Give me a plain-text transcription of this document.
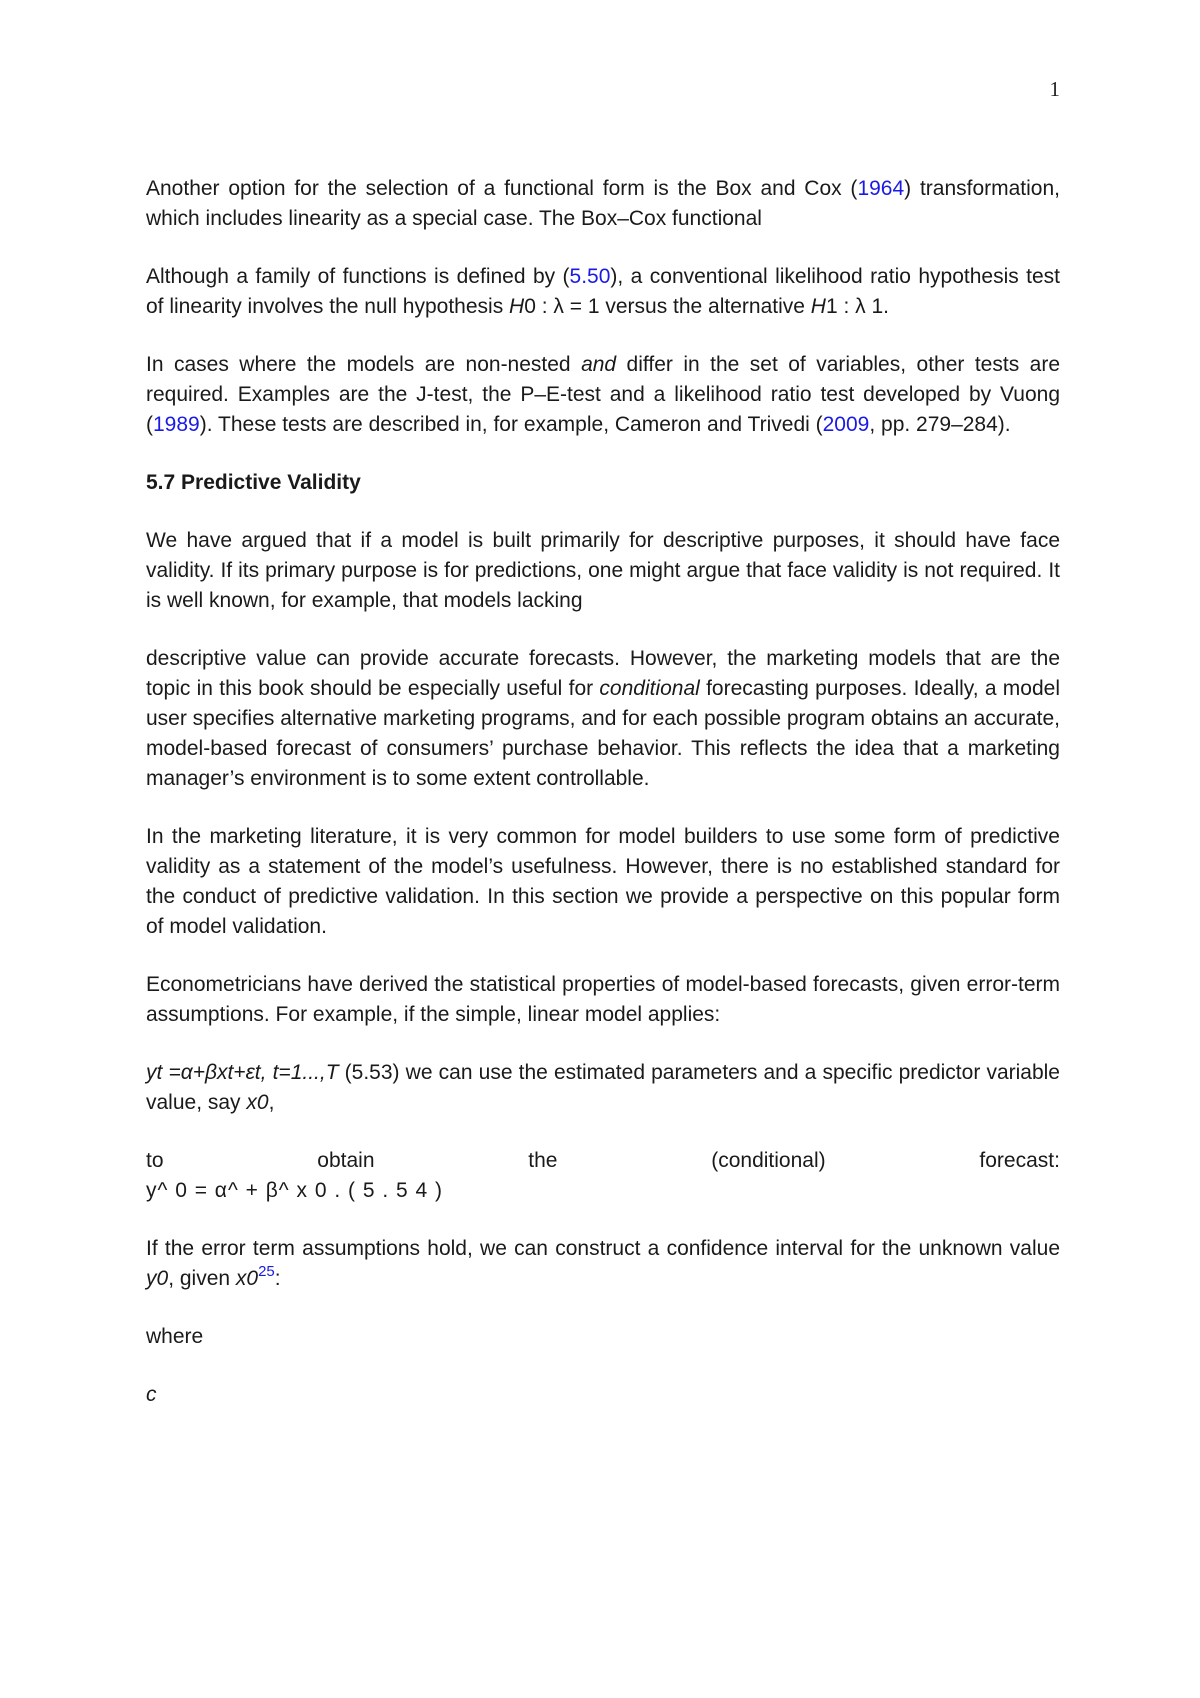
1

Another option for the selection of a functional form is the Box and Cox (1964) transformation, which includes linearity as a special case. The Box–Cox functional

Although a family of functions is defined by (5.50), a conventional likelihood ratio hypothesis test of linearity involves the null hypothesis H0 : λ = 1 versus the alternative H1 : λ 1.

In cases where the models are non-nested and differ in the set of variables, other tests are required. Examples are the J-test, the P–E-test and a likelihood ratio test developed by Vuong (1989). These tests are described in, for example, Cameron and Trivedi (2009, pp. 279–284).

5.7 Predictive Validity

We have argued that if a model is built primarily for descriptive purposes, it should have face validity. If its primary purpose is for predictions, one might argue that face validity is not required. It is well known, for example, that models lacking

descriptive value can provide accurate forecasts. However, the marketing models that are the topic in this book should be especially useful for conditional forecasting purposes. Ideally, a model user specifies alternative marketing programs, and for each possible program obtains an accurate, model-based forecast of consumers’ purchase behavior. This reflects the idea that a marketing manager’s environment is to some extent controllable.

In the marketing literature, it is very common for model builders to use some form of predictive validity as a statement of the model’s usefulness. However, there is no established standard for the conduct of predictive validation. In this section we provide a perspective on this popular form of model validation.

Econometricians have derived the statistical properties of model-based forecasts, given error-term assumptions. For example, if the simple, linear model applies:

yt =α+βxt+εt, t=1...,T (5.53) we can use the estimated parameters and a specific predictor variable value, say x0,

to	obtain	the	(conditional)	forecast:
y^ 0 = α^ + β^ x 0 . ( 5 . 5 4 )

If the error term assumptions hold, we can construct a confidence interval for the unknown value y0, given $x0^{25}$:

where

c
